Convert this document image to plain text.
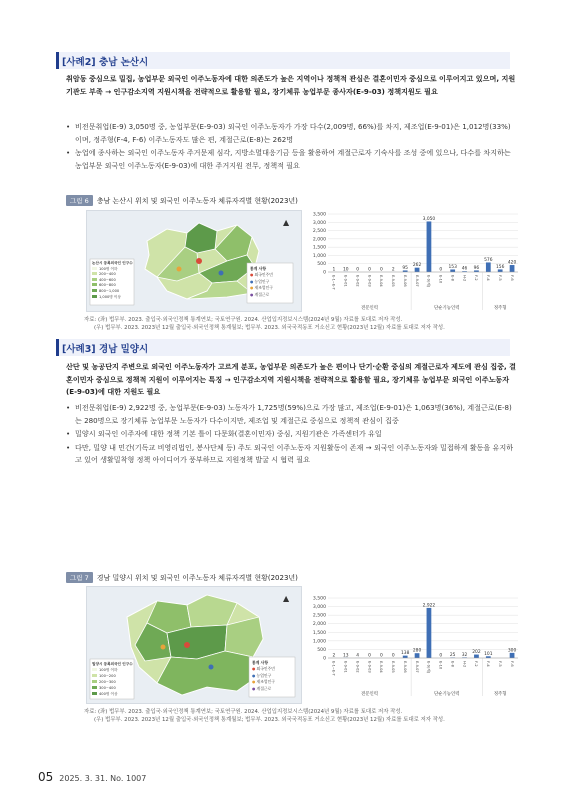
[사례2] 충남 논산시

취암동 중심으로 밀집, 농업부문 외국인 이주노동자에 대한 의존도가 높은 지역이나 정책적 관심은 결혼이민자 중심으로 이루어지고 있으며, 지원기관도 부족 → 인구감소지역 지원시책을 전략적으로 활용할 필요, 장기체류 농업부문 종사자(E-9-03) 정책지원도 필요

• 비전문취업(E-9) 3,050명 중, 농업부문(E-9-03) 외국인 이주노동자가 가장 다수(2,009명, 66%)를 차지, 제조업(E-9-01)은 1,012명(33%)이며, 정주형(F-4, F-6) 이주노동자도 많은 편, 계절근로(E-8)는 262명
• 농업에 종사하는 외국인 이주노동자 주거문제 심각, 지방소멸대응기금 등을 활용하여 계절근로자 기숙사를 조성 중에 있으나, 다수를 차지하는 농업부문 외국인 이주노동자(E-9-03)에 대한 주거지원 전무, 정책적 필요
그림 6 충남 논산시 위치 및 외국인 이주노동자 체류자격별 현황(2023년)
▲
논산시 등록외국인 인구수
100명 이하
200~400
400~600
600~800
800~1,000
1,000명 이상
통계 사항
● 외국인주민
● 농업인구
● 제조업인구
● 계절근로
0
500
1,000
1,500
2,000
2,500
3,000
3,500
1
E-1~E-7
10
E-9-01
0
E-9-02
0
E-9-03
0
E-9-04
2
E-9-05
95
E-9-06
262
E-9-07
3,050
E-9(계)
0
E-10
153
E-8
46
H-2
96
F-2
576
F-4
156
F-5
420
F-6
전문인력	단순기능인력	정주형
자료: (좌) 법무부. 2023. 출입국·외국인정책 통계연보; 국토연구원. 2024. 산업입지정보시스템(2024년 9월) 자료를 토대로 저자 작성.
(우) 법무부. 2023. 2023년 12월 출입국·외국인정책 통계월보; 법무부. 2023. 외국국적동포 거소신고 현황(2023년 12월) 자료를 토대로 저자 작성.
[사례3] 경남 밀양시

산단 및 농공단지 주변으로 외국인 이주노동자가 고르게 분포, 농업부문 의존도가 높은 편이나 단기·순환 중심의 계절근로자 제도에 관심 집중, 결혼이민자 중심으로 정책적 지원이 이루어지는 특징 → 인구감소지역 지원시책을 전략적으로 활용할 필요, 장기체류 농업부문 외국인 이주노동자(E-9-03)에 대한 지원도 필요

• 비전문취업(E-9) 2,922명 중, 농업부문(E-9-03) 노동자가 1,725명(59%)으로 가장 많고, 제조업(E-9-01)은 1,063명(36%), 계절근로(E-8)는 280명으로 장기체류 농업부문 노동자가 다수이지만, 제조업 및 계절근로 중심으로 정책적 관심이 집중
• 밀양시 외국인 이주자에 대한 정책 기본 틀이 다문화(결혼이민자) 중심, 지원기관은 가족센터가 유일
• 다만, 밀양 내 민간(기독교 비영리법인, 봉사단체 등) 주도 외국인 이주노동자 지원활동이 존재 → 외국인 이주노동자와 밀접하게 활동을 유지하고 있어 생활밀착형 정책 아이디어가 풍부하므로 지원정책 발굴 시 협력 필요
그림 7 경남 밀양시 위치 및 외국인 이주노동자 체류자격별 현황(2023년)
▲
밀양시 등록외국인 인구수
100명 이하
100~200
200~300
300~400
400명 이상
통계 사항
● 외국인주민
● 농업인구
● 제조업인구
● 계절근로
0
500
1,000
1,500
2,000
2,500
3,000
3,500
2
E-1~E-7
13
E-9-01
4
E-9-02
0
E-9-03
0
E-9-04
0
E-9-05
138
E-9-06
280
E-9-07
2,922
E-9(계)
0
E-10
25
E-8
32
H-2
202
F-2
101
F-4 F-5
300
F-6
전문인력	단순기능인력	정주형
자료: (좌) 법무부. 2023. 출입국·외국인정책 통계연보; 국토연구원. 2024. 산업입지정보시스템(2024년 9월) 자료를 토대로 저자 작성.
(우) 법무부. 2023. 2023년 12월 출입국·외국인정책 통계월보; 법무부. 2023. 외국국적동포 거소신고 현황(2023년 12월) 자료를 토대로 저자 작성.
05 2025. 3. 31. No. 1007
